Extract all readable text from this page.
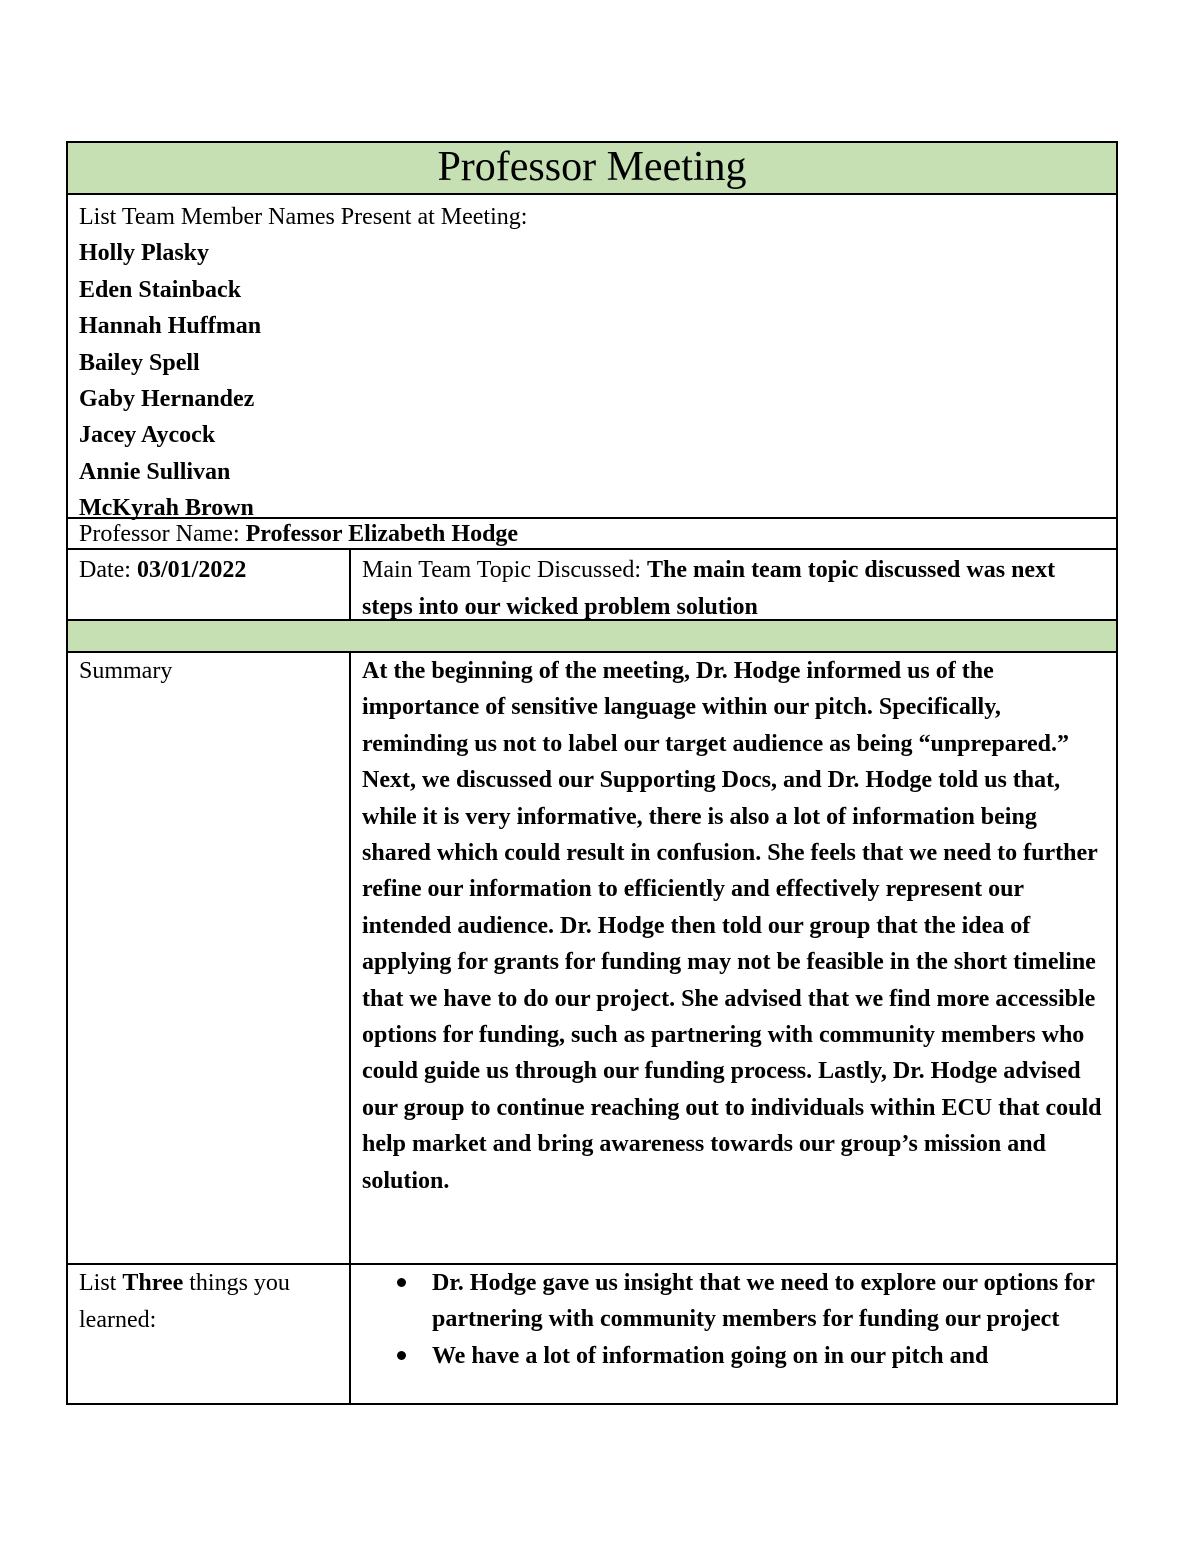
Professor Meeting
List Team Member Names Present at Meeting:
Holly Plasky
Eden Stainback
Hannah Huffman
Bailey Spell
Gaby Hernandez
Jacey Aycock
Annie Sullivan
McKyrah Brown
Professor Name: Professor Elizabeth Hodge
Date: 03/01/2022	Main Team Topic Discussed: The main team topic discussed was next steps into our wicked problem solution
Summary	At the beginning of the meeting, Dr. Hodge informed us of the importance of sensitive language within our pitch. Specifically, reminding us not to label our target audience as being “unprepared.” Next, we discussed our Supporting Docs, and Dr. Hodge told us that, while it is very informative, there is also a lot of information being shared which could result in confusion. She feels that we need to further refine our information to efficiently and effectively represent our intended audience. Dr. Hodge then told our group that the idea of applying for grants for funding may not be feasible in the short timeline that we have to do our project. She advised that we find more accessible options for funding, such as partnering with community members who could guide us through our funding process. Lastly, Dr. Hodge advised our group to continue reaching out to individuals within ECU that could help market and bring awareness towards our group’s mission and solution.
List Three things you learned:
Dr. Hodge gave us insight that we need to explore our options for partnering with community members for funding our project
We have a lot of information going on in our pitch and
